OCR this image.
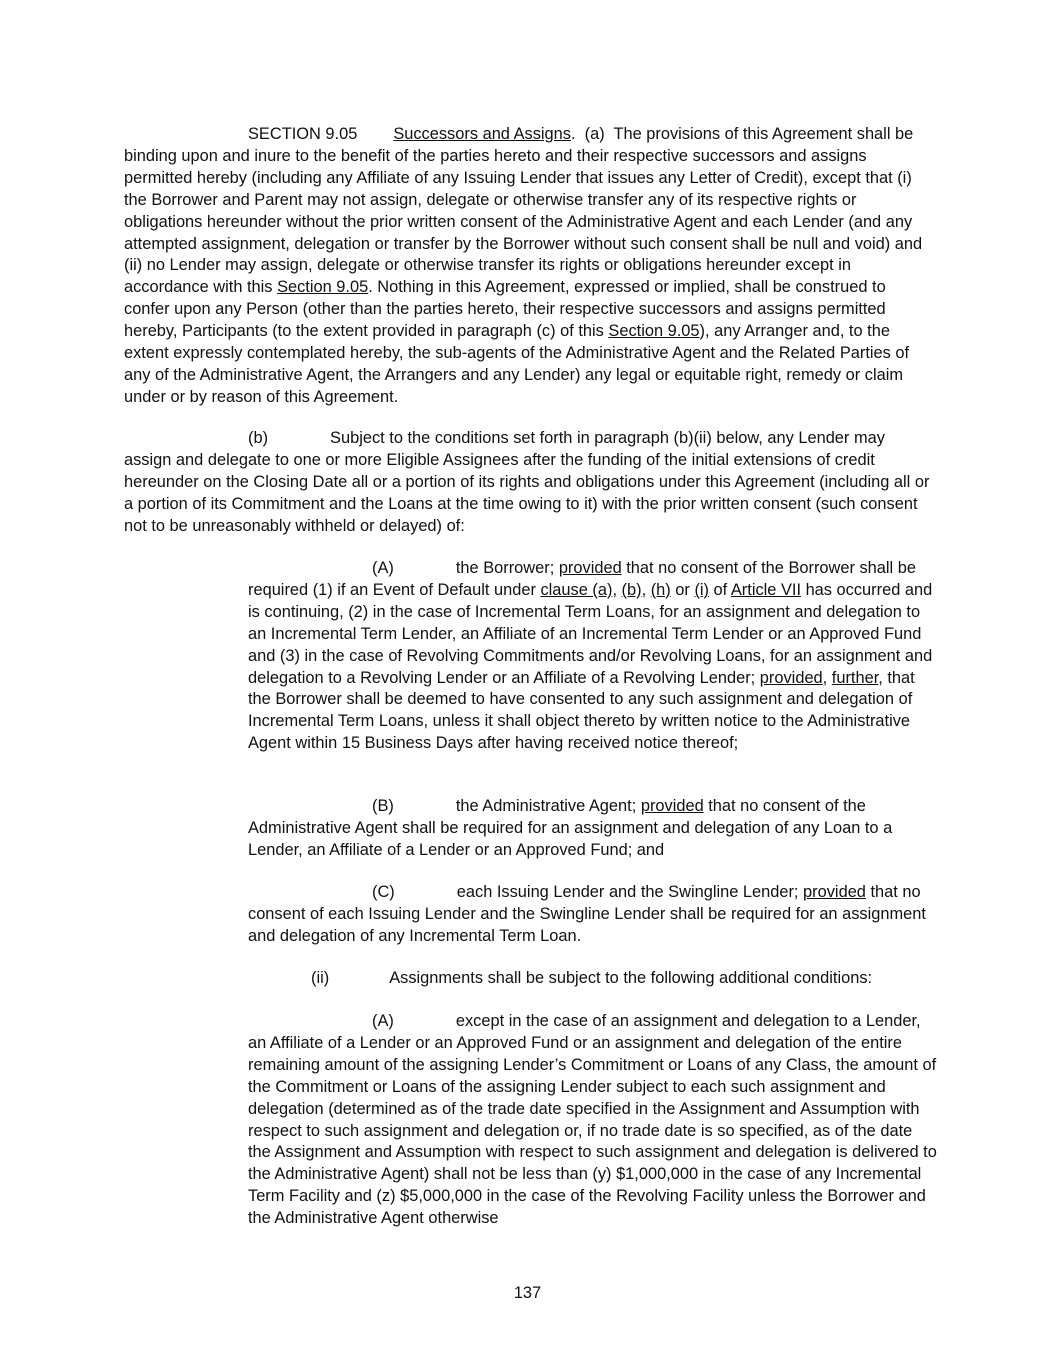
SECTION 9.05 Successors and Assigns.  (a) The provisions of this Agreement shall be binding upon and inure to the benefit of the parties hereto and their respective successors and assigns permitted hereby (including any Affiliate of any Issuing Lender that issues any Letter of Credit), except that (i) the Borrower and Parent may not assign, delegate or otherwise transfer any of its respective rights or obligations hereunder without the prior written consent of the Administrative Agent and each Lender (and any attempted assignment, delegation or transfer by the Borrower without such consent shall be null and void) and (ii) no Lender may assign, delegate or otherwise transfer its rights or obligations hereunder except in accordance with this Section 9.05. Nothing in this Agreement, expressed or implied, shall be construed to confer upon any Person (other than the parties hereto, their respective successors and assigns permitted hereby, Participants (to the extent provided in paragraph (c) of this Section 9.05), any Arranger and, to the extent expressly contemplated hereby, the sub-agents of the Administrative Agent and the Related Parties of any of the Administrative Agent, the Arrangers and any Lender) any legal or equitable right, remedy or claim under or by reason of this Agreement.

(b)	Subject to the conditions set forth in paragraph (b)(ii) below, any Lender may assign and delegate to one or more Eligible Assignees after the funding of the initial extensions of credit hereunder on the Closing Date all or a portion of its rights and obligations under this Agreement (including all or a portion of its Commitment and the Loans at the time owing to it) with the prior written consent (such consent not to be unreasonably withheld or delayed) of:

(A)	the Borrower; provided that no consent of the Borrower shall be required (1) if an Event of Default under clause (a), (b), (h) or (i) of Article VII has occurred and is continuing, (2) in the case of Incremental Term Loans, for an assignment and delegation to an Incremental Term Lender, an Affiliate of an Incremental Term Lender or an Approved Fund and (3) in the case of Revolving Commitments and/or Revolving Loans, for an assignment and delegation to a Revolving Lender or an Affiliate of a Revolving Lender; provided, further, that the Borrower shall be deemed to have consented to any such assignment and delegation of Incremental Term Loans, unless it shall object thereto by written notice to the Administrative Agent within 15 Business Days after having received notice thereof;

(B)	the Administrative Agent; provided that no consent of the Administrative Agent shall be required for an assignment and delegation of any Loan to a Lender, an Affiliate of a Lender or an Approved Fund; and

(C)	each Issuing Lender and the Swingline Lender; provided that no consent of each Issuing Lender and the Swingline Lender shall be required for an assignment and delegation of any Incremental Term Loan.

(ii)	Assignments shall be subject to the following additional conditions:

(A)	except in the case of an assignment and delegation to a Lender, an Affiliate of a Lender or an Approved Fund or an assignment and delegation of the entire remaining amount of the assigning Lender’s Commitment or Loans of any Class, the amount of the Commitment or Loans of the assigning Lender subject to each such assignment and delegation (determined as of the trade date specified in the Assignment and Assumption with respect to such assignment and delegation or, if no trade date is so specified, as of the date the Assignment and Assumption with respect to such assignment and delegation is delivered to the Administrative Agent) shall not be less than (y) $1,000,000 in the case of any Incremental Term Facility and (z) $5,000,000 in the case of the Revolving Facility unless the Borrower and the Administrative Agent otherwise

137
